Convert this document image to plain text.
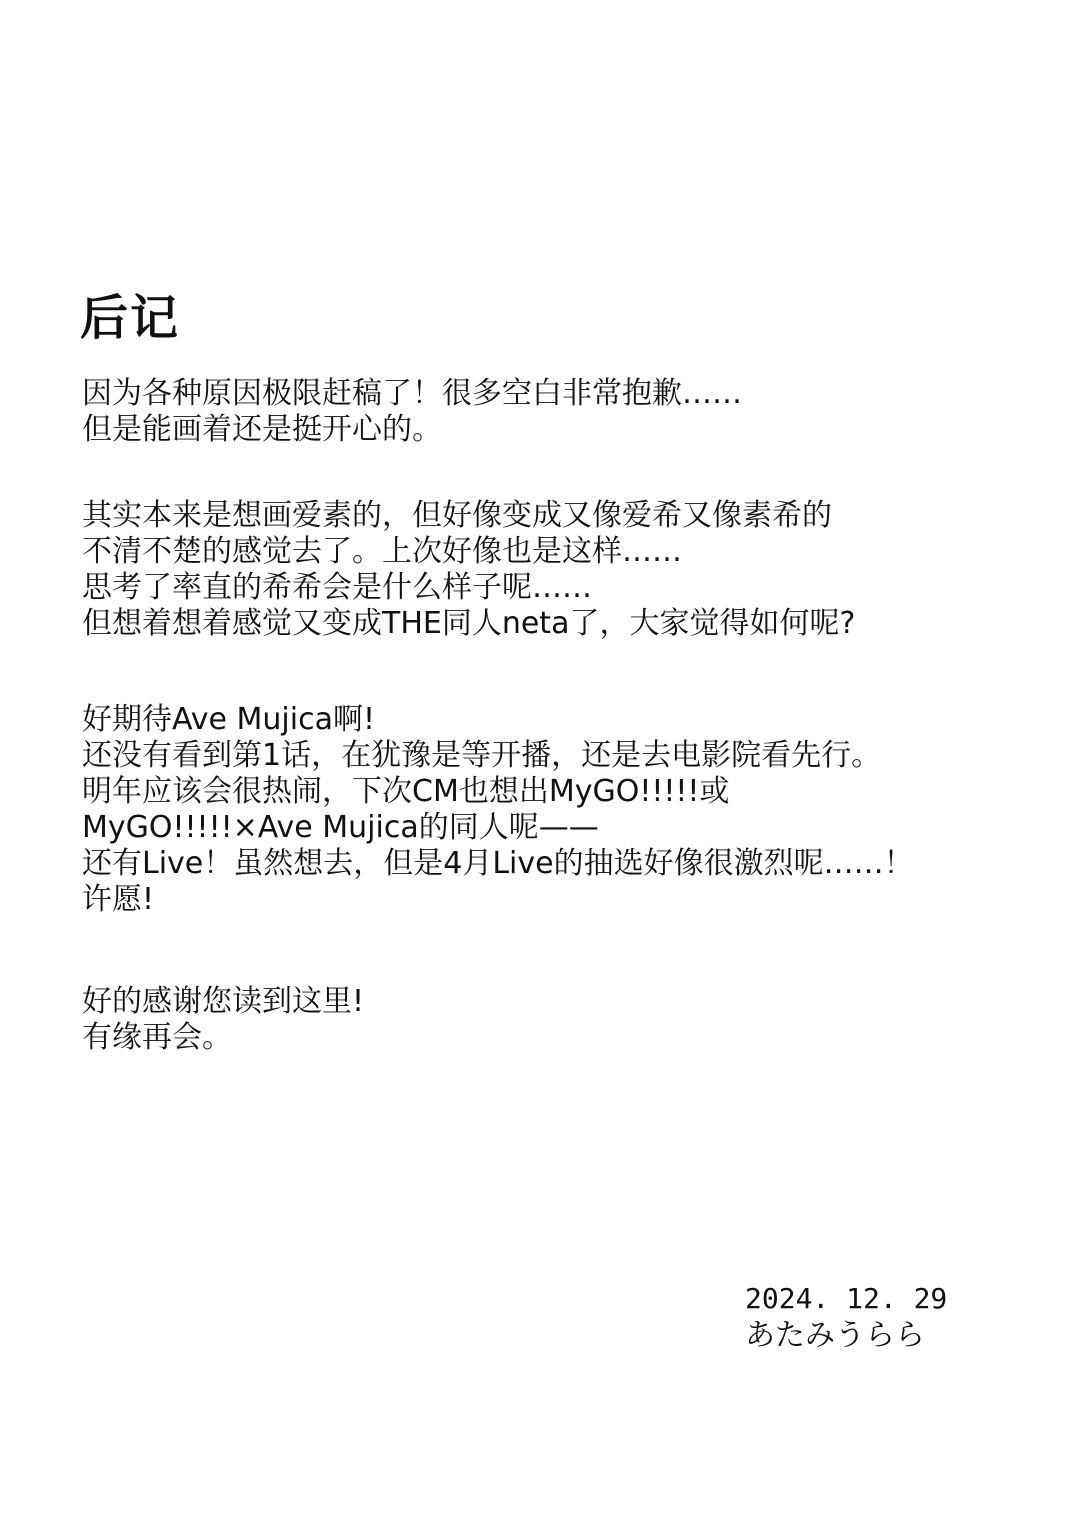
后记
因为各种原因极限赶稿了！很多空白非常抱歉……
但是能画着还是挺开心的。
其实本来是想画爱素的，但好像变成又像爱希又像素希的
不清不楚的感觉去了。上次好像也是这样……
思考了率直的希希会是什么样子呢……
但想着想着感觉又变成THE同人neta了，大家觉得如何呢?
好期待Ave Mujica啊!
还没有看到第1话，在犹豫是等开播，还是去电影院看先行。
明年应该会很热闹，下次CM也想出MyGO!!!!!或
MyGO!!!!!×Ave Mujica的同人呢——
还有Live！虽然想去，但是4月Live的抽选好像很激烈呢……！
许愿!
好的感谢您读到这里!
有缘再会。
2024. 12. 29
あたみうらら
